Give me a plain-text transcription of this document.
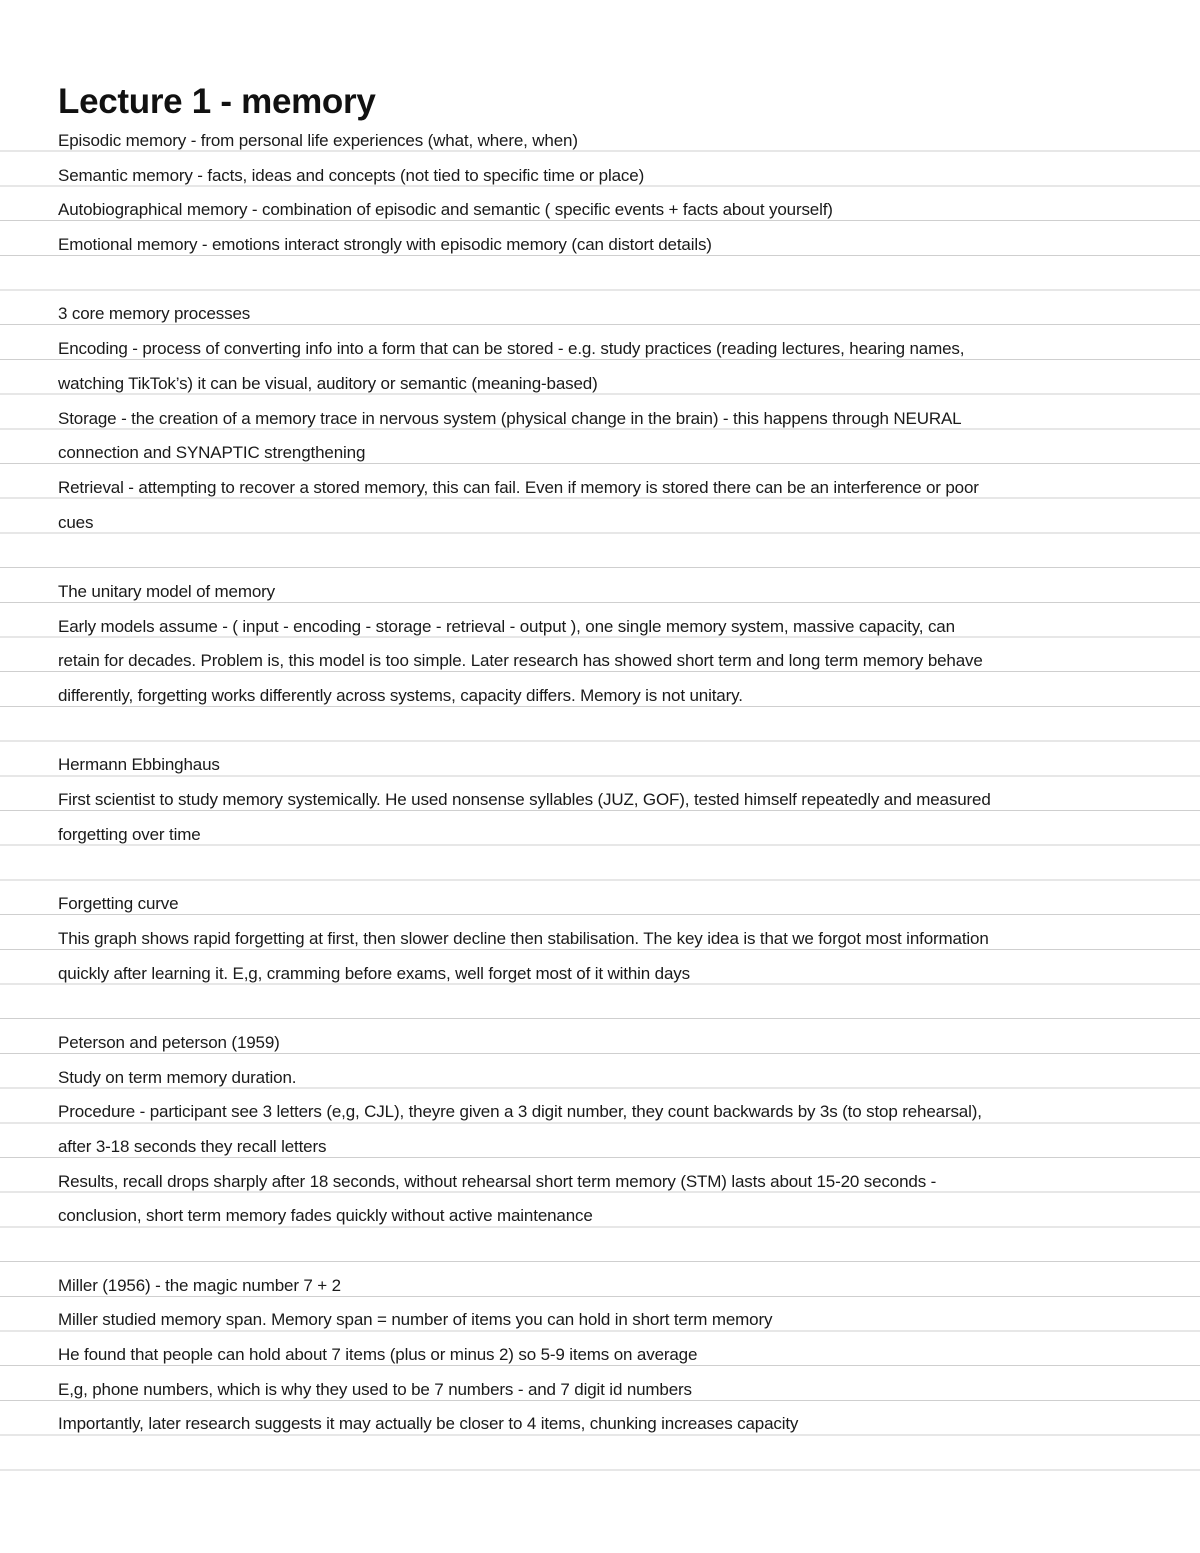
Lecture 1 - memory
Episodic memory - from personal life experiences (what, where, when)
Semantic memory - facts, ideas and concepts (not tied to specific time or place)
Autobiographical memory - combination of episodic and semantic ( specific events + facts about yourself)
Emotional memory - emotions interact strongly with episodic memory (can distort details)
3 core memory processes
Encoding - process of converting info into a form that can be stored - e.g. study practices (reading lectures, hearing names,
watching TikTok’s) it can be visual, auditory or semantic (meaning-based)
Storage - the creation of a memory trace in nervous system (physical change in the brain) - this happens through NEURAL
connection and SYNAPTIC strengthening
Retrieval - attempting to recover a stored memory, this can fail. Even if memory is stored there can be an interference or poor
cues
The unitary model of memory
Early models assume - ( input - encoding - storage - retrieval - output ), one single memory system, massive capacity, can
retain for decades. Problem is, this model is too simple. Later research has showed short term and long term memory behave
differently, forgetting works differently across systems, capacity differs. Memory is not unitary.
Hermann Ebbinghaus
First scientist to study memory systemically. He used nonsense syllables (JUZ, GOF), tested himself repeatedly and measured
forgetting over time
Forgetting curve
This graph shows rapid forgetting at first, then slower decline then stabilisation. The key idea is that we forgot most information
quickly after learning it. E,g, cramming before exams, well forget most of it within days
Peterson and peterson (1959)
Study on term memory duration.
Procedure - participant see 3 letters (e,g, CJL), theyre given a 3 digit number, they count backwards by 3s (to stop rehearsal),
after 3-18 seconds they recall letters
Results, recall drops sharply after 18 seconds, without rehearsal short term memory (STM) lasts about 15-20 seconds -
conclusion, short term memory fades quickly without active maintenance
Miller (1956) - the magic number 7 + 2
Miller studied memory span. Memory span = number of items you can hold in short term memory
He found that people can hold about 7 items (plus or minus 2) so 5-9 items on average
E,g, phone numbers, which is why they used to be 7 numbers - and 7 digit id numbers
Importantly, later research suggests it may actually be closer to 4 items, chunking increases capacity
